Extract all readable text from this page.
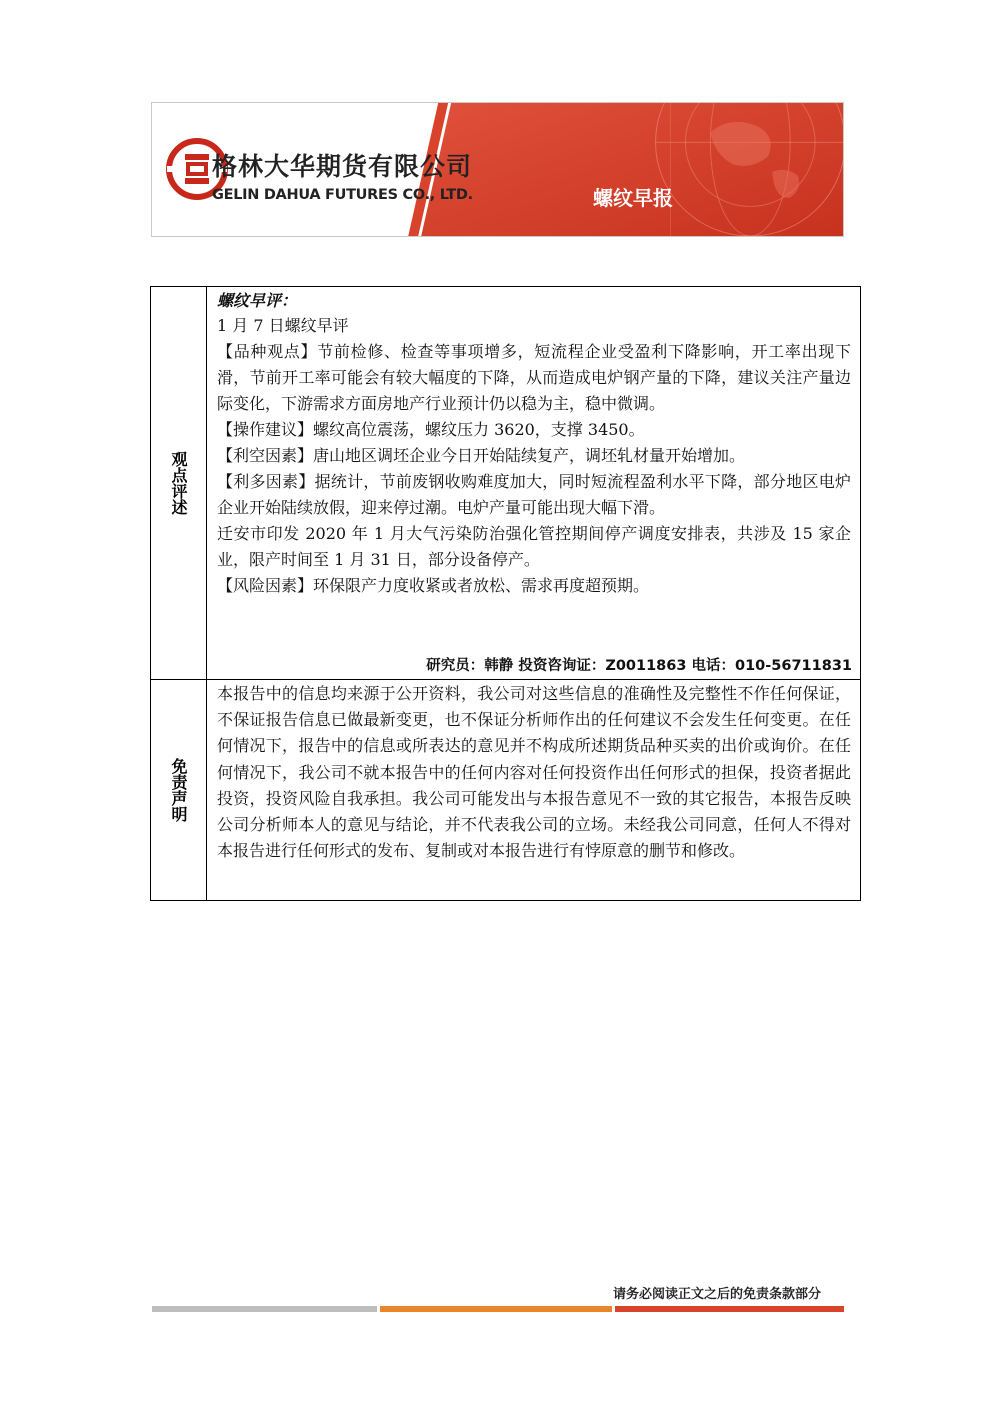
格林大华期货有限公司
GELIN DAHUA FUTURES CO., LTD.	螺纹早报
观点评述
螺纹早评：
1 月 7 日螺纹早评
【品种观点】节前检修、检查等事项增多，短流程企业受盈利下降影响，开工率出现下滑，节前开工率可能会有较大幅度的下降，从而造成电炉钢产量的下降，建议关注产量边际变化，下游需求方面房地产行业预计仍以稳为主，稳中微调。
【操作建议】螺纹高位震荡，螺纹压力 3620，支撑 3450。
【利空因素】唐山地区调坯企业今日开始陆续复产，调坯轧材量开始增加。
【利多因素】据统计，节前废钢收购难度加大，同时短流程盈利水平下降，部分地区电炉企业开始陆续放假，迎来停过潮。电炉产量可能出现大幅下滑。
迁安市印发 2020 年 1 月大气污染防治强化管控期间停产调度安排表，共涉及 15 家企业，限产时间至 1 月 31 日，部分设备停产。
【风险因素】环保限产力度收紧或者放松、需求再度超预期。
研究员：韩静 投资咨询证：Z0011863 电话：010-56711831
免责声明
本报告中的信息均来源于公开资料，我公司对这些信息的准确性及完整性不作任何保证，不保证报告信息已做最新变更，也不保证分析师作出的任何建议不会发生任何变更。在任何情况下，报告中的信息或所表达的意见并不构成所述期货品种买卖的出价或询价。在任何情况下，我公司不就本报告中的任何内容对任何投资作出任何形式的担保，投资者据此投资，投资风险自我承担。我公司可能发出与本报告意见不一致的其它报告，本报告反映公司分析师本人的意见与结论，并不代表我公司的立场。未经我公司同意，任何人不得对本报告进行任何形式的发布、复制或对本报告进行有悖原意的删节和修改。
请务必阅读正文之后的免责条款部分
